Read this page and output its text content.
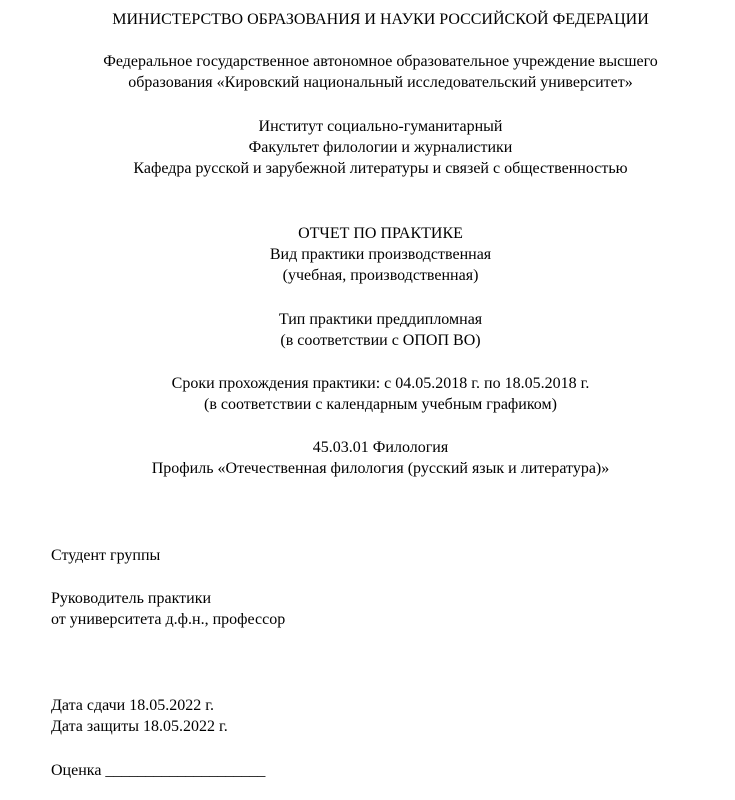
МИНИСТЕРСТВО ОБРАЗОВАНИЯ И НАУКИ РОССИЙСКОЙ ФЕДЕРАЦИИ
Федеральное государственное автономное образовательное учреждение высшего
образования «Кировский национальный исследовательский университет»
Институт социально-гуманитарный
Факультет филологии и журналистики
Кафедра русской и зарубежной литературы и связей с общественностью
ОТЧЕТ ПО ПРАКТИКЕ
Вид практики производственная
(учебная, производственная)
Тип практики преддипломная
(в соответствии с ОПОП ВО)
Сроки прохождения практики: с 04.05.2018 г. по 18.05.2018 г.
(в соответствии с календарным учебным графиком)
45.03.01 Филология
Профиль «Отечественная филология (русский язык и литература)»
Студент группы
Руководитель практики
от университета д.ф.н., профессор
Дата сдачи 18.05.2022 г.
Дата защиты 18.05.2022 г.
Оценка ____________________
